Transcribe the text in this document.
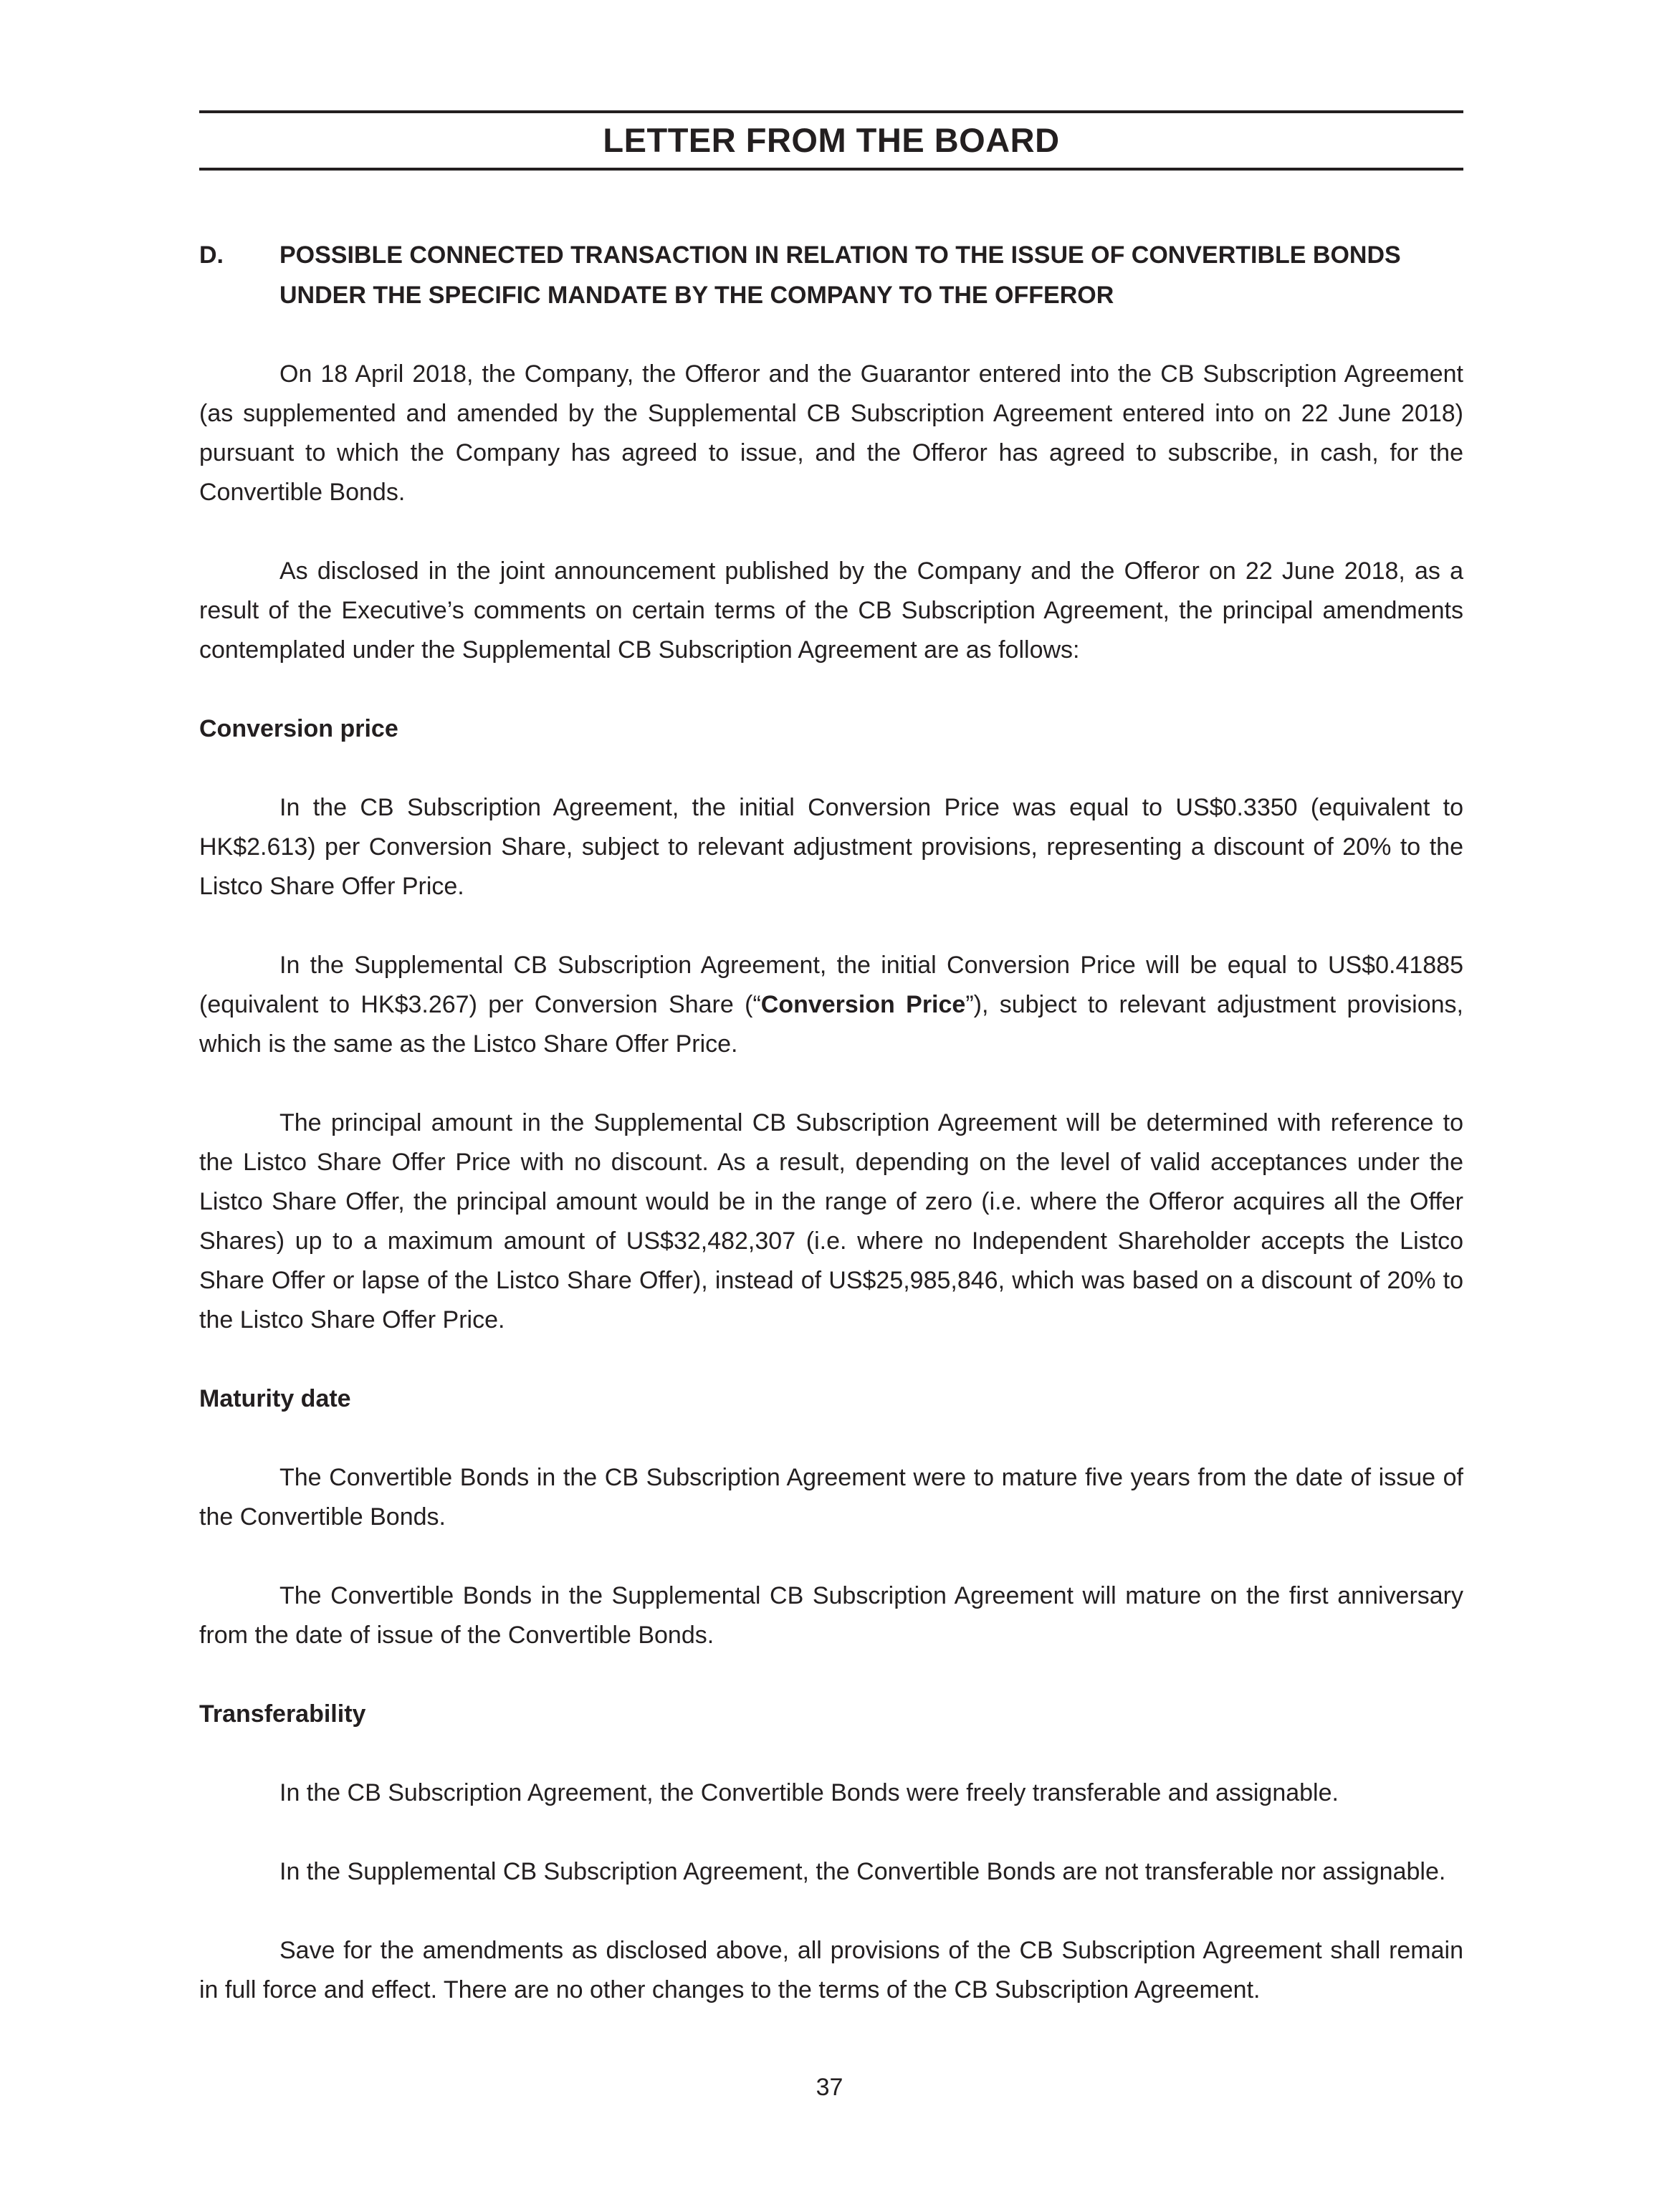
LETTER FROM THE BOARD
D.	POSSIBLE CONNECTED TRANSACTION IN RELATION TO THE ISSUE OF CONVERTIBLE BONDS UNDER THE SPECIFIC MANDATE BY THE COMPANY TO THE OFFEROR

On 18 April 2018, the Company, the Offeror and the Guarantor entered into the CB Subscription Agreement (as supplemented and amended by the Supplemental CB Subscription Agreement entered into on 22 June 2018) pursuant to which the Company has agreed to issue, and the Offeror has agreed to subscribe, in cash, for the Convertible Bonds.

As disclosed in the joint announcement published by the Company and the Offeror on 22 June 2018, as a result of the Executive’s comments on certain terms of the CB Subscription Agreement, the principal amendments contemplated under the Supplemental CB Subscription Agreement are as follows:

Conversion price

In the CB Subscription Agreement, the initial Conversion Price was equal to US$0.3350 (equivalent to HK$2.613) per Conversion Share, subject to relevant adjustment provisions, representing a discount of 20% to the Listco Share Offer Price.

In the Supplemental CB Subscription Agreement, the initial Conversion Price will be equal to US$0.41885 (equivalent to HK$3.267) per Conversion Share (“Conversion Price”), subject to relevant adjustment provisions, which is the same as the Listco Share Offer Price.

The principal amount in the Supplemental CB Subscription Agreement will be determined with reference to the Listco Share Offer Price with no discount. As a result, depending on the level of valid acceptances under the Listco Share Offer, the principal amount would be in the range of zero (i.e. where the Offeror acquires all the Offer Shares) up to a maximum amount of US$32,482,307 (i.e. where no Independent Shareholder accepts the Listco Share Offer or lapse of the Listco Share Offer), instead of US$25,985,846, which was based on a discount of 20% to the Listco Share Offer Price.

Maturity date

The Convertible Bonds in the CB Subscription Agreement were to mature five years from the date of issue of the Convertible Bonds.

The Convertible Bonds in the Supplemental CB Subscription Agreement will mature on the first anniversary from the date of issue of the Convertible Bonds.

Transferability

In the CB Subscription Agreement, the Convertible Bonds were freely transferable and assignable.

In the Supplemental CB Subscription Agreement, the Convertible Bonds are not transferable nor assignable.

Save for the amendments as disclosed above, all provisions of the CB Subscription Agreement shall remain in full force and effect. There are no other changes to the terms of the CB Subscription Agreement.

37
